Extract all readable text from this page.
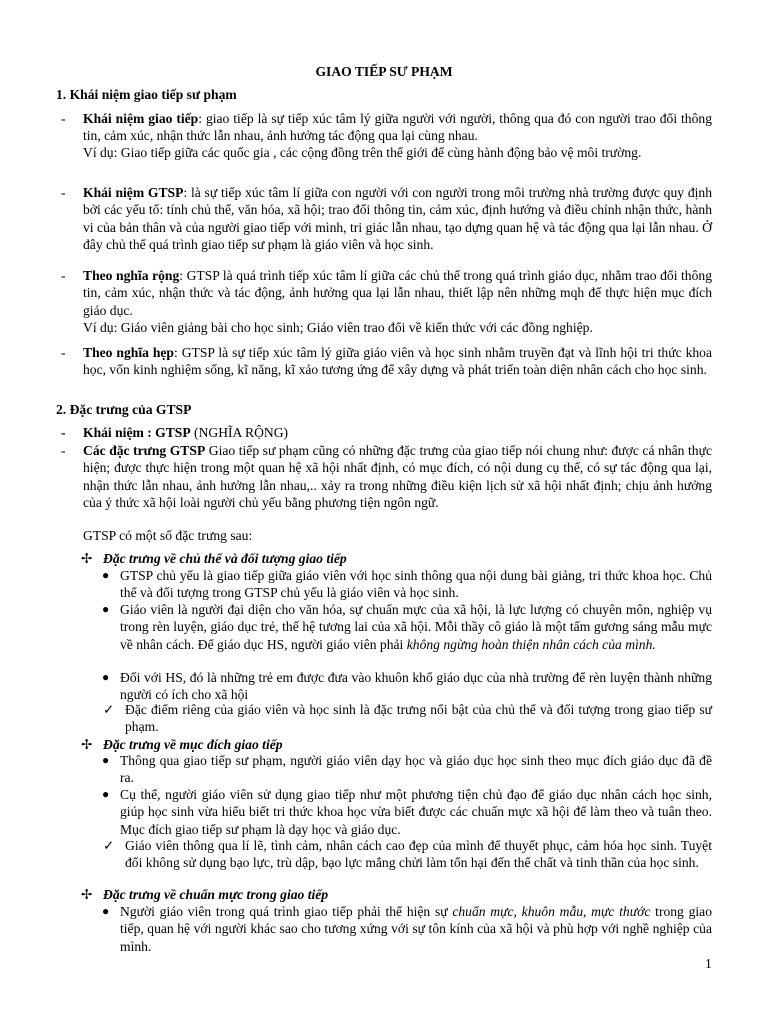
GIAO TIẾP SƯ PHẠM
1. Khái niệm giao tiếp sư phạm
- Khái niệm giao tiếp: giao tiếp là sự tiếp xúc tâm lý giữa người với người, thông qua đó con người trao đổi thông tin, cảm xúc, nhận thức lẫn nhau, ảnh hưởng tác động qua lại cùng nhau.
Ví dụ: Giao tiếp giữa các quốc gia , các cộng đồng trên thế giới để cùng hành động bảo vệ môi trường.
- Khái niệm GTSP: là sự tiếp xúc tâm lí giữa con người với con người trong môi trường nhà trường được quy định bởi các yếu tố: tính chủ thể, văn hóa, xã hội; trao đổi thông tin, cảm xúc, định hướng và điều chỉnh nhận thức, hành vi của bản thân và của người giao tiếp với mình, tri giác lẫn nhau, tạo dựng quan hệ và tác động qua lại lẫn nhau. Ở đây chủ thể quá trình giao tiếp sư phạm là giáo viên và học sinh.
- Theo nghĩa rộng: GTSP là quá trình tiếp xúc tâm lí giữa các chủ thể trong quá trình giáo dục, nhằm trao đổi thông tin, cảm xúc, nhận thức và tác động, ảnh hưởng qua lại lẫn nhau, thiết lập nên những mqh để thực hiện mục đích giáo dục.
Ví dụ: Giáo viên giảng bài cho học sinh; Giáo viên trao đổi về kiến thức với các đồng nghiệp.
- Theo nghĩa hẹp: GTSP là sự tiếp xúc tâm lý giữa giáo viên và học sinh nhằm truyền đạt và lĩnh hội tri thức khoa học, vốn kinh nghiệm sống, kĩ năng, kĩ xảo tương ứng để xây dựng và phát triển toàn diện nhân cách cho học sinh.
2. Đặc trưng của GTSP
- Khái niệm : GTSP (NGHĨA RỘNG)
- Các đặc trưng GTSP Giao tiếp sư phạm cũng có những đặc trưng của giao tiếp nói chung như: được cá nhân thực hiện; được thực hiện trong một quan hệ xã hội nhất định, có mục đích, có nội dung cụ thể, có sự tác động qua lại, nhận thức lẫn nhau, ảnh hưởng lẫn nhau,.. xảy ra trong những điều kiện lịch sử xã hội nhất định; chịu ảnh hưởng của ý thức xã hội loài người chủ yếu bằng phương tiện ngôn ngữ.
GTSP có một số đặc trưng sau:
✢ Đặc trưng về chủ thể và đối tượng giao tiếp
● GTSP chủ yếu là giao tiếp giữa giáo viên với học sinh thông qua nội dung bài giảng, tri thức khoa học. Chủ thể và đối tượng trong GTSP chủ yếu là giáo viên và học sinh.
● Giáo viên là người đại diện cho văn hóa, sự chuẩn mực của xã hội, là lực lượng có chuyên môn, nghiệp vụ trong rèn luyện, giáo dục trẻ, thế hệ tương lai của xã hội. Mỗi thầy cô giáo là một tấm gương sáng mẫu mực về nhân cách. Để giáo dục HS, người giáo viên phải không ngừng hoàn thiện nhân cách của mình.
● Đối với HS, đó là những trẻ em được đưa vào khuôn khổ giáo dục của nhà trường để rèn luyện thành những người có ích cho xã hội
✓ Đặc điểm riêng của giáo viên và học sinh là đặc trưng nổi bật của chủ thể và đối tượng trong giao tiếp sư phạm.
✢ Đặc trưng về mục đích giao tiếp
● Thông qua giao tiếp sư phạm, người giáo viên dạy học và giáo dục học sinh theo mục đích giáo dục đã đề ra.
● Cụ thể, người giáo viên sử dụng giao tiếp như một phương tiện chủ đạo để giáo dục nhân cách học sinh, giúp học sinh vừa hiểu biết tri thức khoa học vừa biết được các chuẩn mực xã hội để làm theo và tuân theo. Mục đích giao tiếp sư phạm là dạy học và giáo dục.
✓ Giáo viên thông qua lí lẽ, tình cảm, nhân cách cao đẹp của mình để thuyết phục, cảm hóa học sinh. Tuyệt đối không sử dụng bạo lực, trù dập, bạo lực mắng chửi làm tổn hại đến thể chất và tinh thần của học sinh.
✢ Đặc trưng về chuẩn mực trong giao tiếp
● Người giáo viên trong quá trình giao tiếp phải thể hiện sự chuẩn mực, khuôn mẫu, mực thước trong giao tiếp, quan hệ với người khác sao cho tương xứng với sự tôn kính của xã hội và phù hợp với nghề nghiệp của mình.
1
